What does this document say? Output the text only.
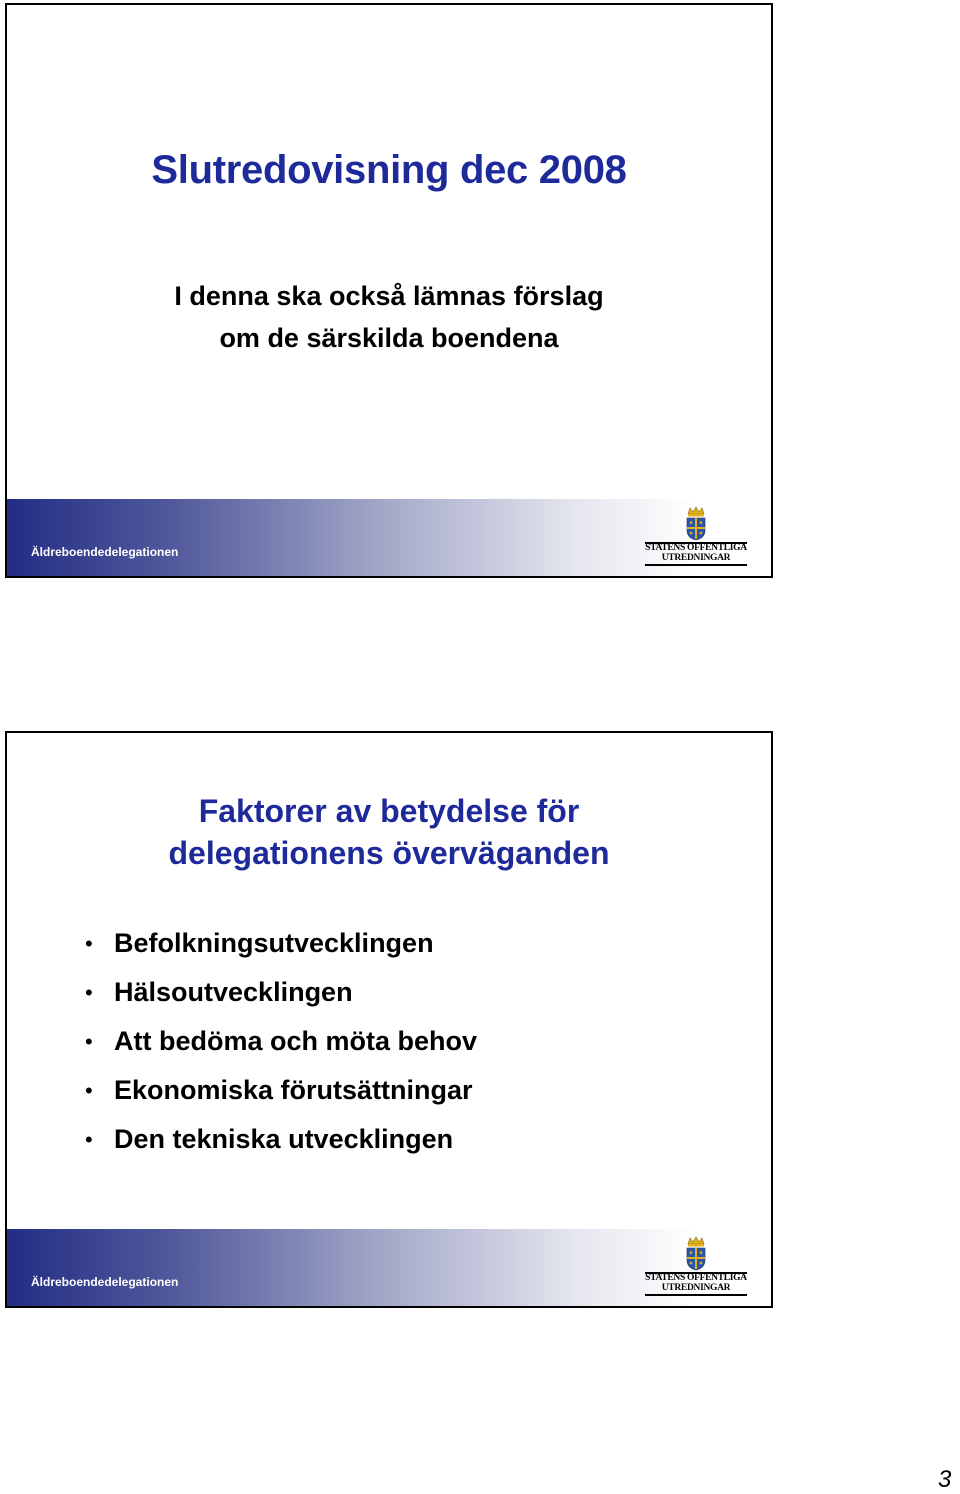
Slutredovisning dec 2008
I denna ska också lämnas förslag
om de särskilda boendena
Äldreboendedelegationen	STATENS OFFENTLIGA
UTREDNINGAR
Faktorer av betydelse för
delegationens överväganden
• Befolkningsutvecklingen
• Hälsoutvecklingen
• Att bedöma och möta behov
• Ekonomiska förutsättningar
• Den tekniska utvecklingen
Äldreboendedelegationen	STATENS OFFENTLIGA
UTREDNINGAR
3
